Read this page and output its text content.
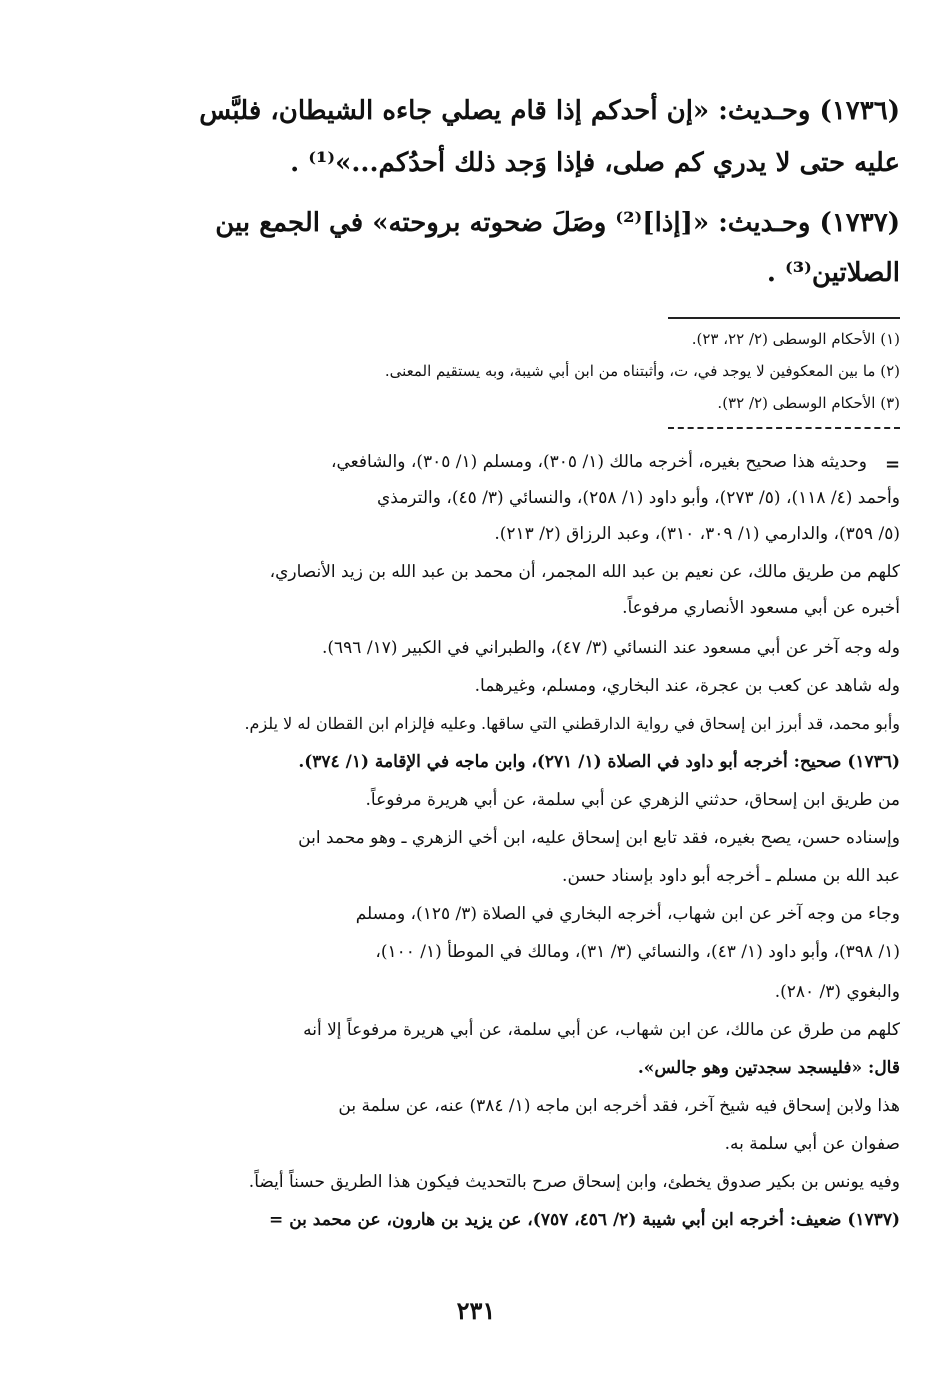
(١٧٣٦) وحـديث: «إن أحدكم إذا قام يصلي جاءه الشيطان، فلبَّس
عليه حتى لا يدري كم صلى، فإذا وَجد ذلك أحدُكم...»⁽¹⁾ .
(١٧٣٧) وحـديث: «[إذا]⁽²⁾ وصَلَ ضحوته بروحته» في الجمع بين
الصلاتين⁽³⁾ .
(١) الأحكام الوسطى (٢/ ٢٢، ٢٣).
(٢) ما بين المعكوفين لا يوجد في، ت، وأثبتناه من ابن أبي شيبة، وبه يستقيم المعنى.
(٣) الأحكام الوسطى (٢/ ٣٢).
=
وحديثه هذا صحيح بغيره، أخرجه مالك (١/ ٣٠٥)، ومسلم (١/ ٣٠٥)، والشافعي،
وأحمد (٤/ ١١٨)، (٥/ ٢٧٣)، وأبو داود (١/ ٢٥٨)، والنسائي (٣/ ٤٥)، والترمذي
(٥/ ٣٥٩)، والدارمي (١/ ٣٠٩، ٣١٠)، وعبد الرزاق (٢/ ٢١٣).
كلهم من طريق مالك، عن نعيم بن عبد الله المجمر، أن محمد بن عبد الله بن زيد الأنصاري،
أخبره عن أبي مسعود الأنصاري مرفوعاً.
وله وجه آخر عن أبي مسعود عند النسائي (٣/ ٤٧)، والطبراني في الكبير (١٧/ ٦٩٦).
وله شاهد عن كعب بن عجرة، عند البخاري، ومسلم، وغيرهما.
وأبو محمد، قد أبرز ابن إسحاق في رواية الدارقطني التي ساقها. وعليه فإلزام ابن القطان له لا يلزم.
(١٧٣٦) صحيح: أخرجه أبو داود في الصلاة (١/ ٢٧١)، وابن ماجه في الإقامة (١/ ٣٧٤).
من طريق ابن إسحاق، حدثني الزهري عن أبي سلمة، عن أبي هريرة مرفوعاً.
وإسناده حسن، يصح بغيره، فقد تابع ابن إسحاق عليه، ابن أخي الزهري ـ وهو محمد ابن
عبد الله بن مسلم ـ أخرجه أبو داود بإسناد حسن.
وجاء من وجه آخر عن ابن شهاب، أخرجه البخاري في الصلاة (٣/ ١٢٥)، ومسلم
(١/ ٣٩٨)، وأبو داود (١/ ٤٣)، والنسائي (٣/ ٣١)، ومالك في الموطأ (١/ ١٠٠)،
والبغوي (٣/ ٢٨٠).
كلهم من طرق عن مالك، عن ابن شهاب، عن أبي سلمة، عن أبي هريرة مرفوعاً إلا أنه
قال: «فليسجد سجدتين وهو جالس».
هذا ولابن إسحاق فيه شيخ آخر، فقد أخرجه ابن ماجه (١/ ٣٨٤) عنه، عن سلمة بن
صفوان عن أبي سلمة به.
وفيه يونس بن بكير صدوق يخطئ، وابن إسحاق صرح بالتحديث فيكون هذا الطريق حسناً أيضاً.
(١٧٣٧) ضعيف: أخرجه ابن أبي شيبة (٢/ ٤٥٦، ٧٥٧)، عن يزيد بن هارون، عن محمد بن =
٢٣١
